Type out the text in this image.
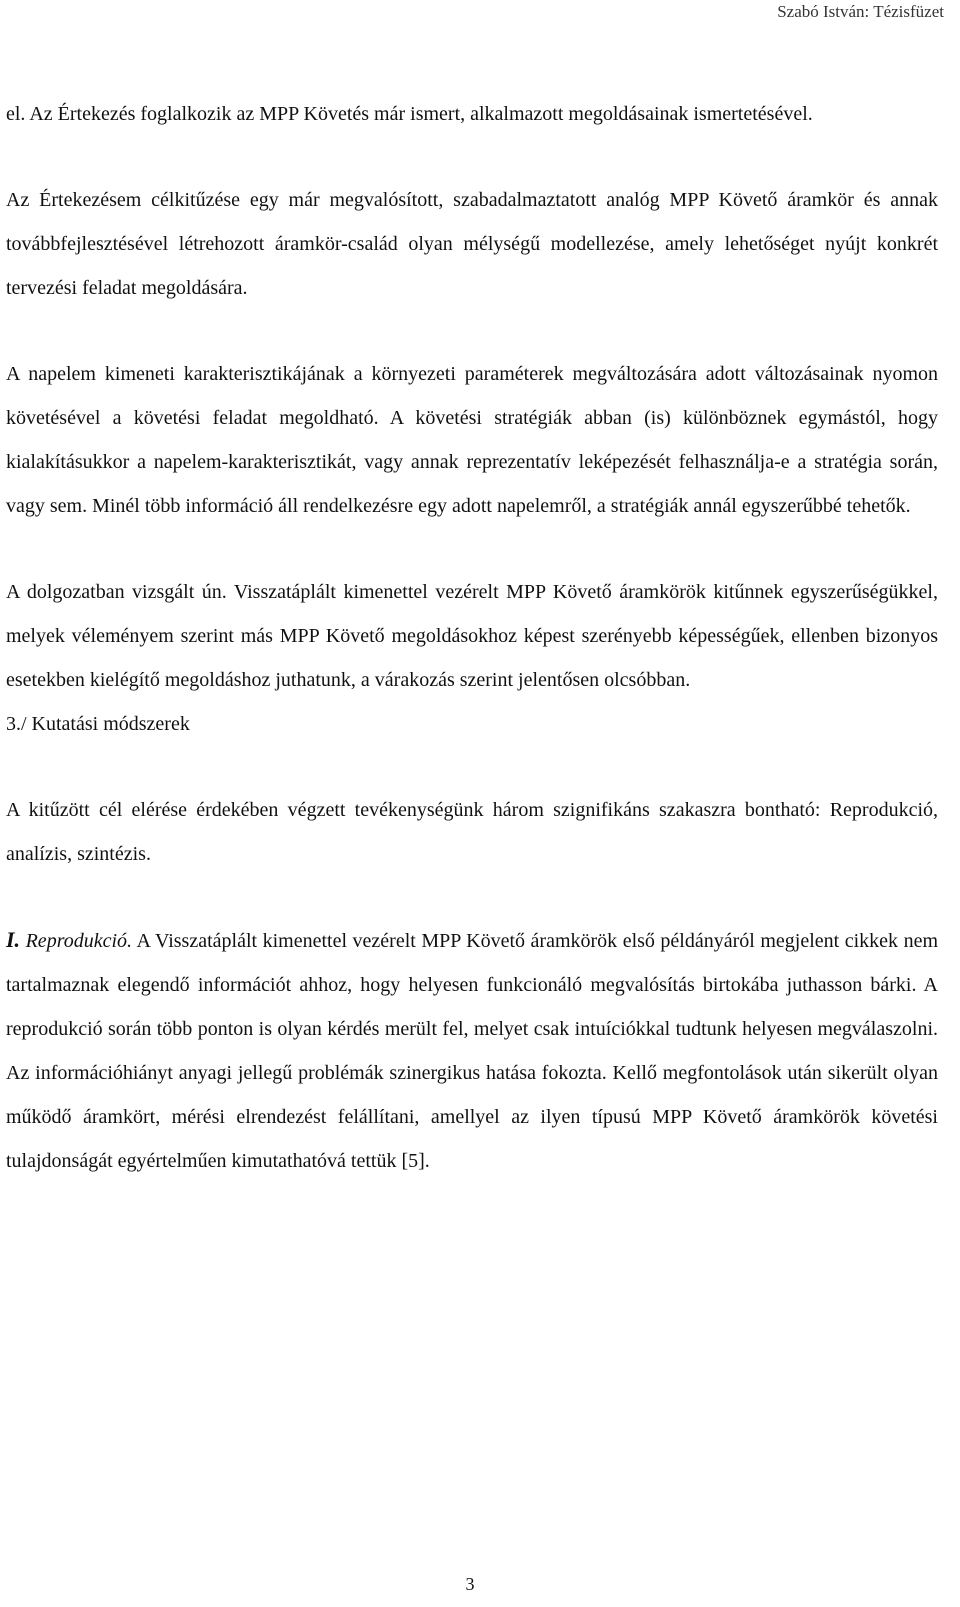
Szabó István: Tézisfüzet

el. Az Értekezés foglalkozik az MPP Követés már ismert, alkalmazott megoldásainak ismertetésével.

Az Értekezésem célkitűzése egy már megvalósított, szabadalmaztatott analóg MPP Követő áramkör és annak továbbfejlesztésével létrehozott áramkör-család olyan mélységű modellezése, amely lehetőséget nyújt konkrét tervezési feladat megoldására.

A napelem kimeneti karakterisztikájának a környezeti paraméterek megváltozására adott változásainak nyomon követésével a követési feladat megoldható. A követési stratégiák abban (is) különböznek egymástól, hogy kialakításukkor a napelem-karakterisztikát, vagy annak reprezentatív leképezését felhasználja-e a stratégia során, vagy sem. Minél több információ áll rendelkezésre egy adott napelemről, a stratégiák annál egyszerűbbé tehetők.

A dolgozatban vizsgált ún. Visszatáplált kimenettel vezérelt MPP Követő áramkörök kitűnnek egyszerűségükkel, melyek véleményem szerint más MPP Követő megoldásokhoz képest szerényebb képességűek, ellenben bizonyos esetekben kielégítő megoldáshoz juthatunk, a várakozás szerint jelentősen olcsóbban.

3./ Kutatási módszerek

A kitűzött cél elérése érdekében végzett tevékenységünk három szignifikáns szakaszra bontható: Reprodukció, analízis, szintézis.

I. Reprodukció. A Visszatáplált kimenettel vezérelt MPP Követő áramkörök első példányáról megjelent cikkek nem tartalmaznak elegendő információt ahhoz, hogy helyesen funkcionáló megvalósítás birtokába juthasson bárki. A reprodukció során több ponton is olyan kérdés merült fel, melyet csak intuíciókkal tudtunk helyesen megválaszolni. Az információhiányt anyagi jellegű problémák szinergikus hatása fokozta. Kellő megfontolások után sikerült olyan működő áramkört, mérési elrendezést felállítani, amellyel az ilyen típusú MPP Követő áramkörök követési tulajdonságát egyértelműen kimutathatóvá tettük [5].

3
